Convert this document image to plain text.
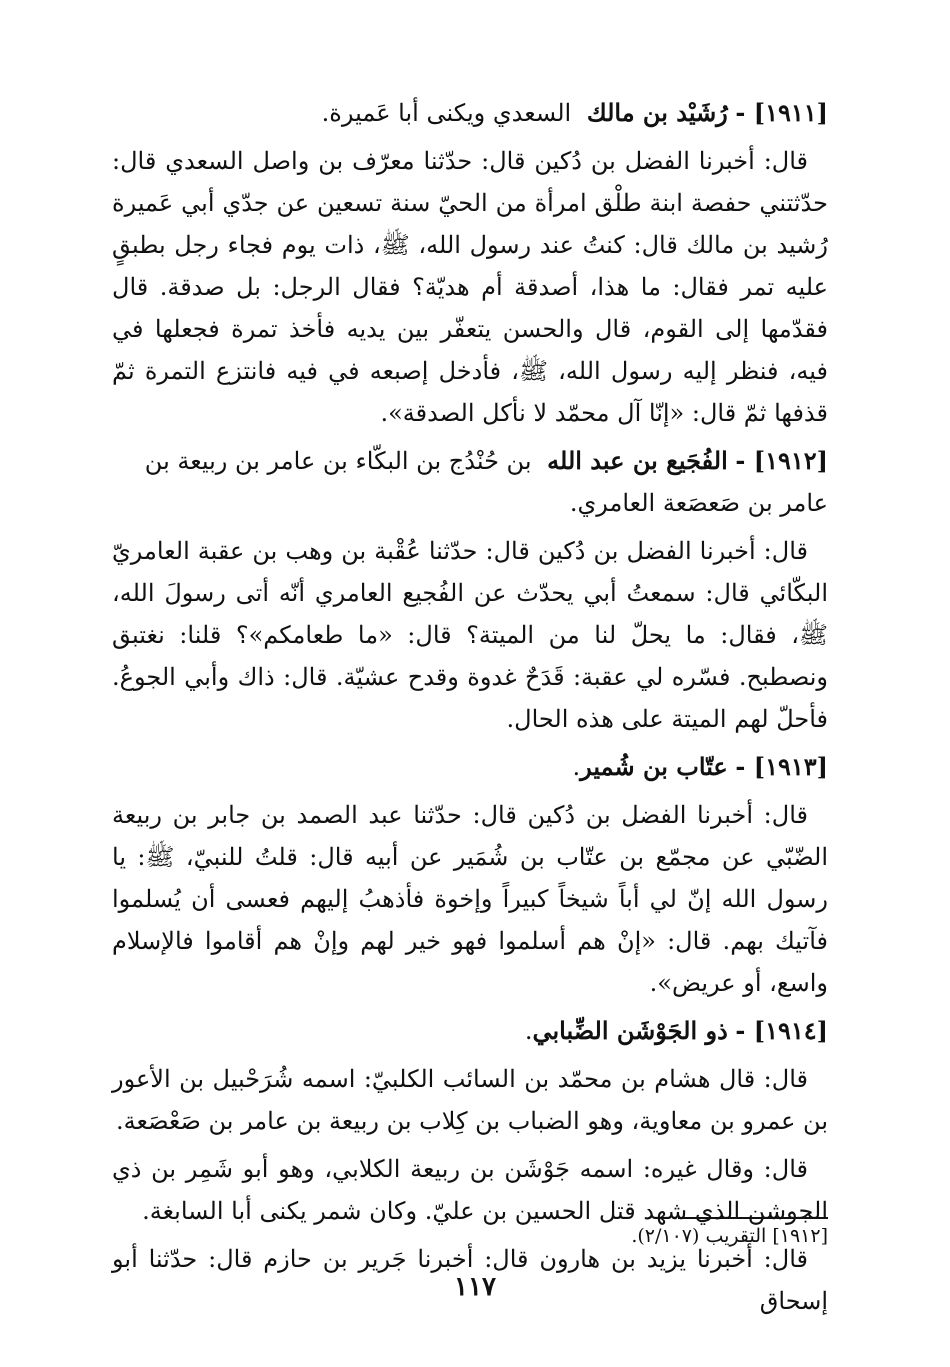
[١٩١١] - رُشَيْد بن مالك السعدي ويكنى أبا عَميرة.

قال: أخبرنا الفضل بن دُكين قال: حدّثنا معرّف بن واصل السعدي قال: حدّثتني حفصة ابنة طلْق امرأة من الحيّ سنة تسعين عن جدّي أبي عَميرة رُشيد بن مالك قال: كنتُ عند رسول الله، ﷺ، ذات يوم فجاء رجل بطبقٍ عليه تمر فقال: ما هذا، أصدقة أم هديّة؟ فقال الرجل: بل صدقة. قال فقدّمها إلى القوم، قال والحسن يتعفّر بين يديه فأخذ تمرة فجعلها في فيه، فنظر إليه رسول الله، ﷺ، فأدخل إصبعه في فيه فانتزع التمرة ثمّ قذفها ثمّ قال: «إنّا آل محمّد لا نأكل الصدقة».

[١٩١٢] - الفُجَيع بن عبد الله بن حُنْدُج بن البكّاء بن عامر بن ربيعة بن عامر بن صَعصَعة العامري.

قال: أخبرنا الفضل بن دُكين قال: حدّثنا عُقْبة بن وهب بن عقبة العامريّ البكّائي قال: سمعتُ أبي يحدّث عن الفُجيع العامري أنّه أتى رسولَ الله، ﷺ، فقال: ما يحلّ لنا من الميتة؟ قال: «ما طعامكم»؟ قلنا: نغتبق ونصطبح. فسّره لي عقبة: قَدَحٌ غدوة وقدح عشيّة. قال: ذاك وأبي الجوعُ. فأحلّ لهم الميتة على هذه الحال.

[١٩١٣] - عتّاب بن شُمير.

قال: أخبرنا الفضل بن دُكين قال: حدّثنا عبد الصمد بن جابر بن ربيعة الضّبّي عن مجمّع بن عتّاب بن شُمَير عن أبيه قال: قلتُ للنبيّ، ﷺ: يا رسول الله إنّ لي أباً شيخاً كبيراً وإخوة فأذهبُ إليهم فعسى أن يُسلموا فآتيك بهم. قال: «إنْ هم أسلموا فهو خير لهم وإنْ هم أقاموا فالإسلام واسع، أو عريض».

[١٩١٤] - ذو الجَوْشَن الضِّبابي.

قال: قال هشام بن محمّد بن السائب الكلبيّ: اسمه شُرَحْبيل بن الأعور بن عمرو بن معاوية، وهو الضباب بن كِلاب بن ربيعة بن عامر بن صَعْصَعة.

قال: وقال غيره: اسمه جَوْشَن بن ربيعة الكلابي، وهو أبو شَمِر بن ذي الجوشن الذي شهد قتل الحسين بن عليّ. وكان شمر يكنى أبا السابغة.

قال: أخبرنا يزيد بن هارون قال: أخبرنا جَرير بن حازم قال: حدّثنا أبو إسحاق

[١٩١٢] التقريب (٢/١٠٧).
١١٧
